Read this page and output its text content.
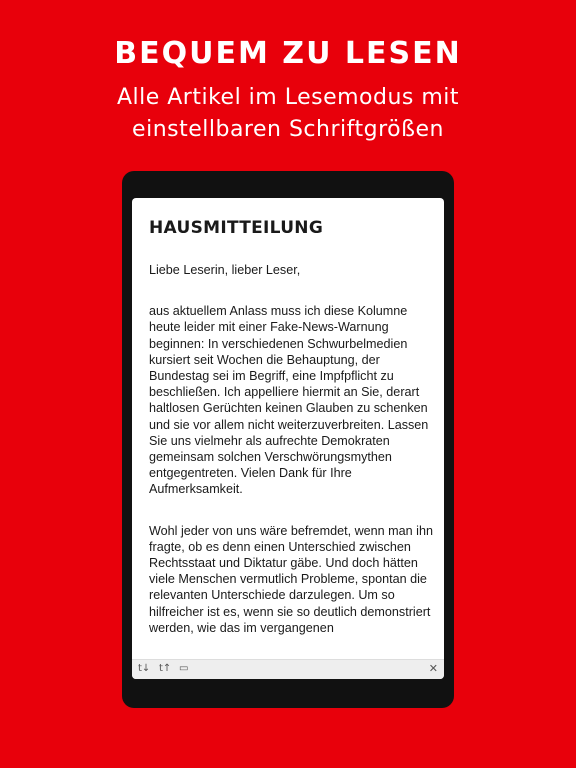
BEQUEM ZU LESEN
Alle Artikel im Lesemodus mit einstellbaren Schriftgrößen
HAUSMITTEILUNG

Liebe Leserin, lieber Leser,

aus aktuellem Anlass muss ich diese Kolumne heute leider mit einer Fake-News-Warnung beginnen: In verschiedenen Schwurbelmedien kursiert seit Wochen die Behauptung, der Bundestag sei im Begriff, eine Impfpflicht zu beschließen. Ich appelliere hiermit an Sie, derart haltlosen Gerüchten keinen Glauben zu schenken und sie vor allem nicht weiterzuverbreiten. Lassen Sie uns vielmehr als aufrechte Demokraten gemeinsam solchen Verschwörungsmythen entgegentreten. Vielen Dank für Ihre Aufmerksamkeit.

Wohl jeder von uns wäre befremdet, wenn man ihn fragte, ob es denn einen Unterschied zwischen Rechtsstaat und Diktatur gäbe. Und doch hätten viele Menschen vermutlich Probleme, spontan die relevanten Unterschiede darzulegen. Um so hilfreicher ist es, wenn sie so deutlich demonstriert werden, wie das im vergangenen

t↓ t↑ ▭	✕
